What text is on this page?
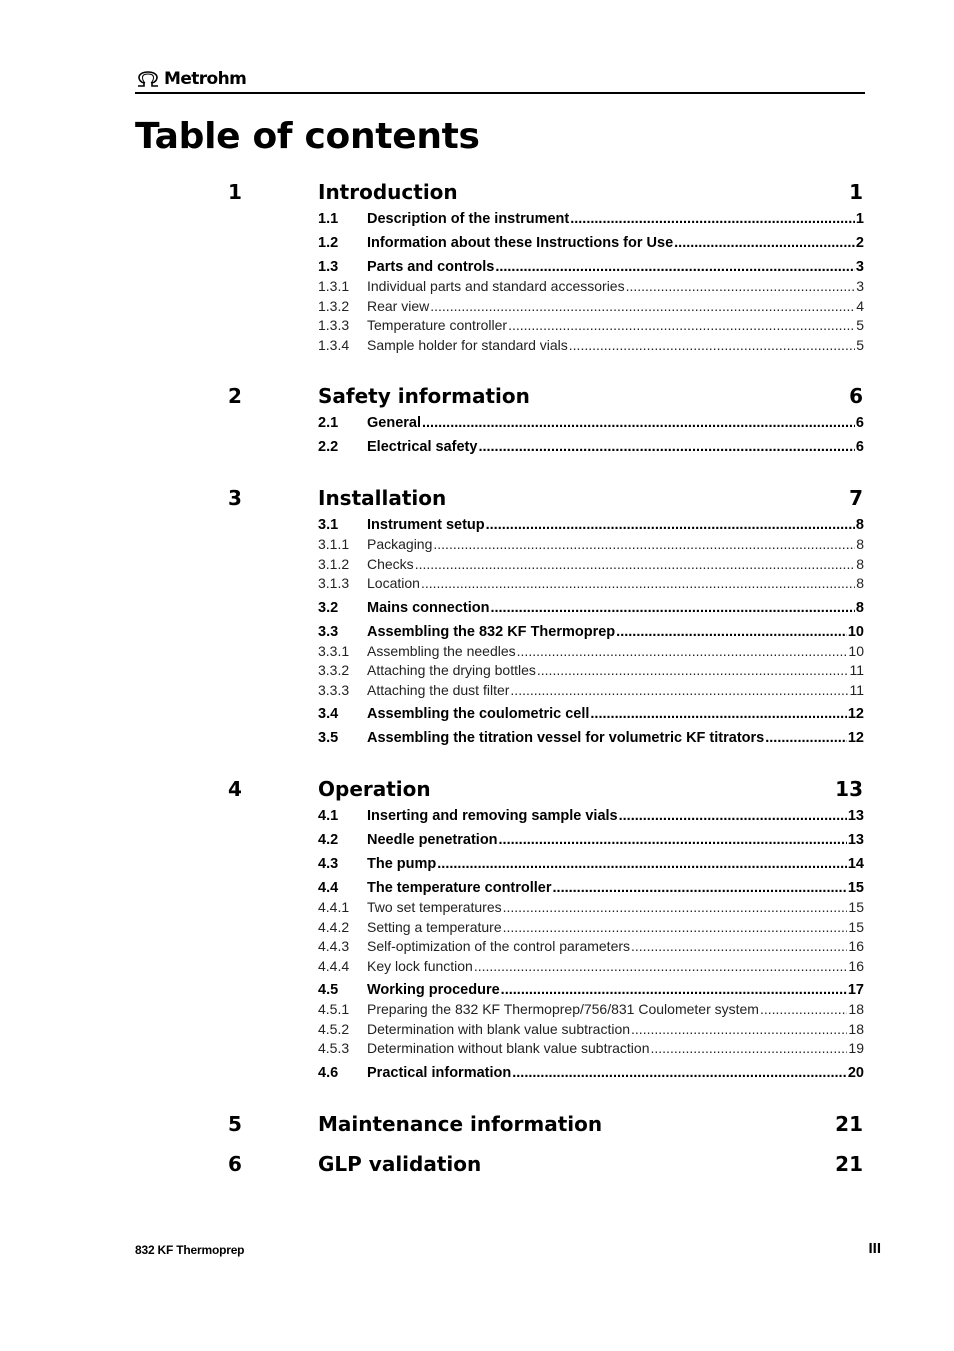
Metrohm
Table of contents
1	Introduction	1
1.1 Description of the instrument .....	1
1.2 Information about these Instructions for Use .....	2
1.3 Parts and controls .....	3
1.3.1 Individual parts and standard accessories .....	3
1.3.2 Rear view .....	4
1.3.3 Temperature controller .....	5
1.3.4 Sample holder for standard vials .....	5
2	Safety information	6
2.1 General .....	6
2.2 Electrical safety .....	6
3	Installation	7
3.1 Instrument setup .....	8
3.1.1 Packaging .....	8
3.1.2 Checks .....	8
3.1.3 Location .....	8
3.2 Mains connection .....	8
3.3 Assembling the 832 KF Thermoprep .....	10
3.3.1 Assembling the needles .....	10
3.3.2 Attaching the drying bottles .....	11
3.3.3 Attaching the dust filter .....	11
3.4 Assembling the coulometric cell .....	12
3.5 Assembling the titration vessel for volumetric KF titrators .....	12
4	Operation	13
4.1 Inserting and removing sample vials .....	13
4.2 Needle penetration .....	13
4.3 The pump .....	14
4.4 The temperature controller .....	15
4.4.1 Two set temperatures .....	15
4.4.2 Setting a temperature .....	15
4.4.3 Self-optimization of the control parameters .....	16
4.4.4 Key lock function .....	16
4.5 Working procedure .....	17
4.5.1 Preparing the 832 KF Thermoprep/756/831 Coulometer system .....	18
4.5.2 Determination with blank value subtraction .....	18
4.5.3 Determination without blank value subtraction .....	19
4.6 Practical information .....	20
5	Maintenance information	21
6	GLP validation	21
832 KF Thermoprep	III
